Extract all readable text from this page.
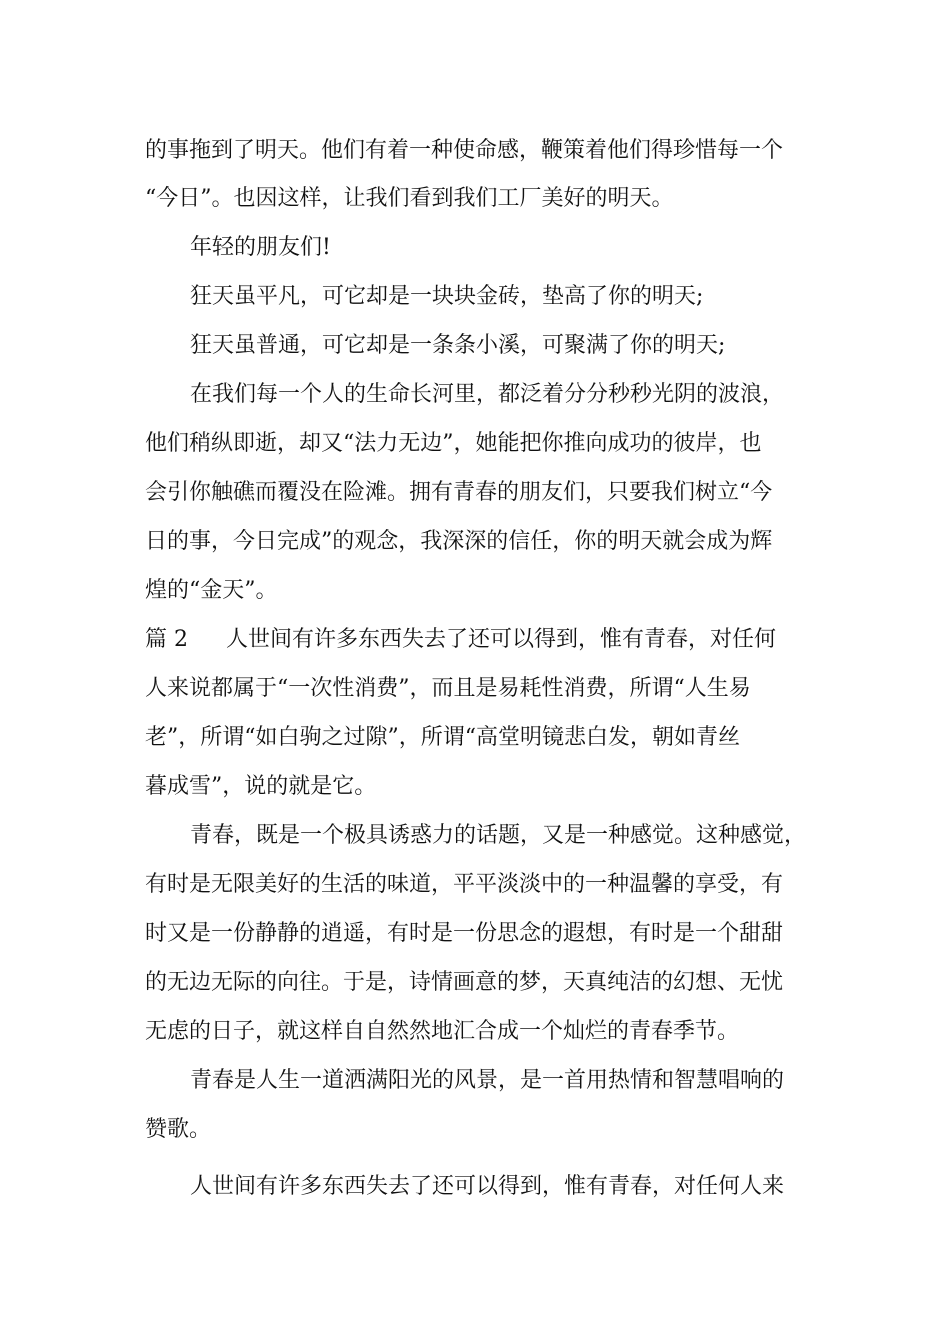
的事拖到了明天。他们有着一种使命感，鞭策着他们得珍惜每一个

“今日”。也因这样，让我们看到我们工厂美好的明天。

年轻的朋友们!

狂天虽平凡，可它却是一块块金砖，垫高了你的明天;

狂天虽普通，可它却是一条条小溪，可聚满了你的明天;

在我们每一个人的生命长河里，都泛着分分秒秒光阴的波浪，

他们稍纵即逝，却又“法力无边”，她能把你推向成功的彼岸，也

会引你触礁而覆没在险滩。拥有青春的朋友们，只要我们树立“今

日的事，今日完成”的观念，我深深的信任，你的明天就会成为辉

煌的“金天”。

篇 2 人世间有许多东西失去了还可以得到，惟有青春，对任何

人来说都属于“一次性消费”，而且是易耗性消费，所谓“人生易

老”，所谓“如白驹之过隙”，所谓“高堂明镜悲白发，朝如青丝

暮成雪”，说的就是它。

青春，既是一个极具诱惑力的话题，又是一种感觉。这种感觉，

有时是无限美好的生活的味道，平平淡淡中的一种温馨的享受，有

时又是一份静静的逍遥，有时是一份思念的遐想，有时是一个甜甜

的无边无际的向往。于是，诗情画意的梦，天真纯洁的幻想、无忧

无虑的日子，就这样自自然然地汇合成一个灿烂的青春季节。

青春是人生一道洒满阳光的风景，是一首用热情和智慧唱响的

赞歌。

人世间有许多东西失去了还可以得到，惟有青春，对任何人来
